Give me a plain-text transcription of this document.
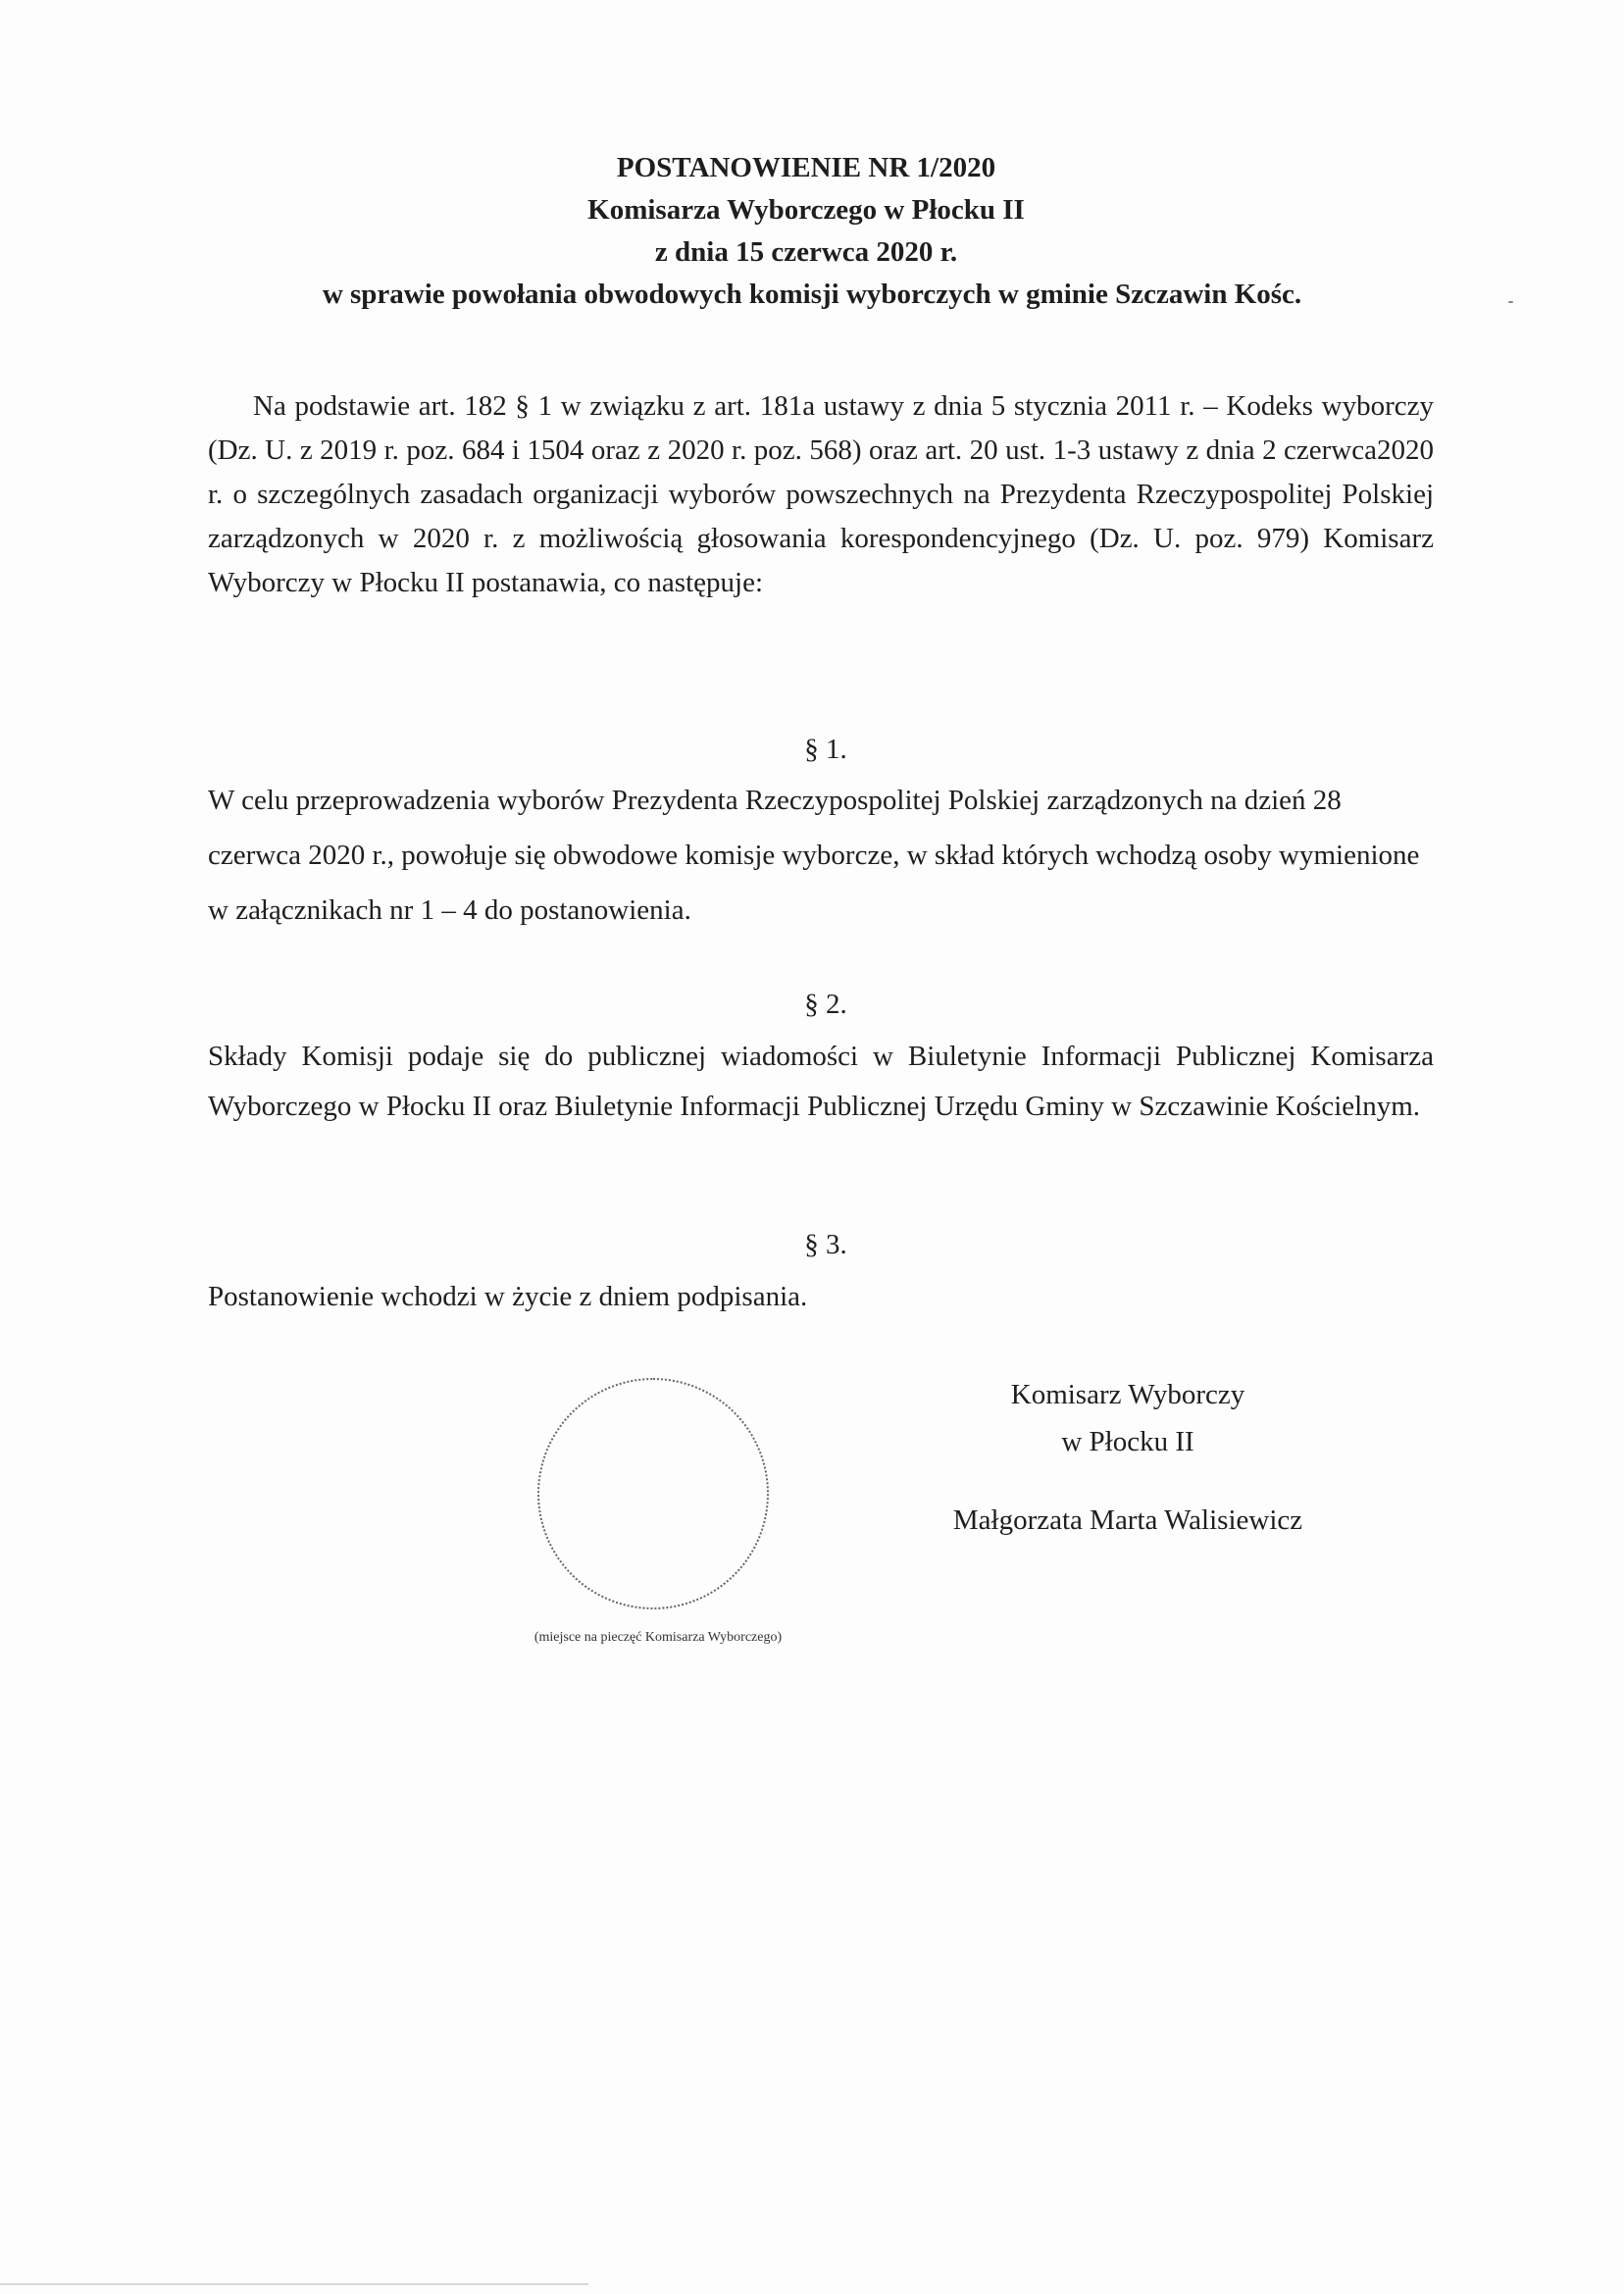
POSTANOWIENIE NR 1/2020
Komisarza Wyborczego w Płocku II
z dnia 15 czerwca 2020 r.
w sprawie powołania obwodowych komisji wyborczych w gminie Szczawin Kośc.

Na podstawie art. 182 § 1 w związku z art. 181a ustawy z dnia 5 stycznia 2011 r. – Kodeks wyborczy (Dz. U. z 2019 r. poz. 684 i 1504 oraz z 2020 r. poz. 568) oraz art. 20 ust. 1-3 ustawy z dnia 2 czerwca2020 r. o szczególnych zasadach organizacji wyborów powszechnych na Prezydenta Rzeczypospolitej Polskiej zarządzonych w 2020 r. z możliwością głosowania korespondencyjnego (Dz. U. poz. 979) Komisarz Wyborczy w Płocku II postanawia, co następuje:

§ 1.
W celu przeprowadzenia wyborów Prezydenta Rzeczypospolitej Polskiej zarządzonych na dzień 28 czerwca 2020 r., powołuje się obwodowe komisje wyborcze, w skład których wchodzą osoby wymienione w załącznikach nr 1 – 4 do postanowienia.
§ 2.
Składy Komisji podaje się do publicznej wiadomości w Biuletynie Informacji Publicznej Komisarza Wyborczego w Płocku II oraz Biuletynie Informacji Publicznej Urzędu Gminy w Szczawinie Kościelnym.
§ 3.
Postanowienie wchodzi w życie z dniem podpisania.
(miejsce na pieczęć Komisarza Wyborczego)
Komisarz Wyborczy
w Płocku II
Małgorzata Marta Walisiewicz
